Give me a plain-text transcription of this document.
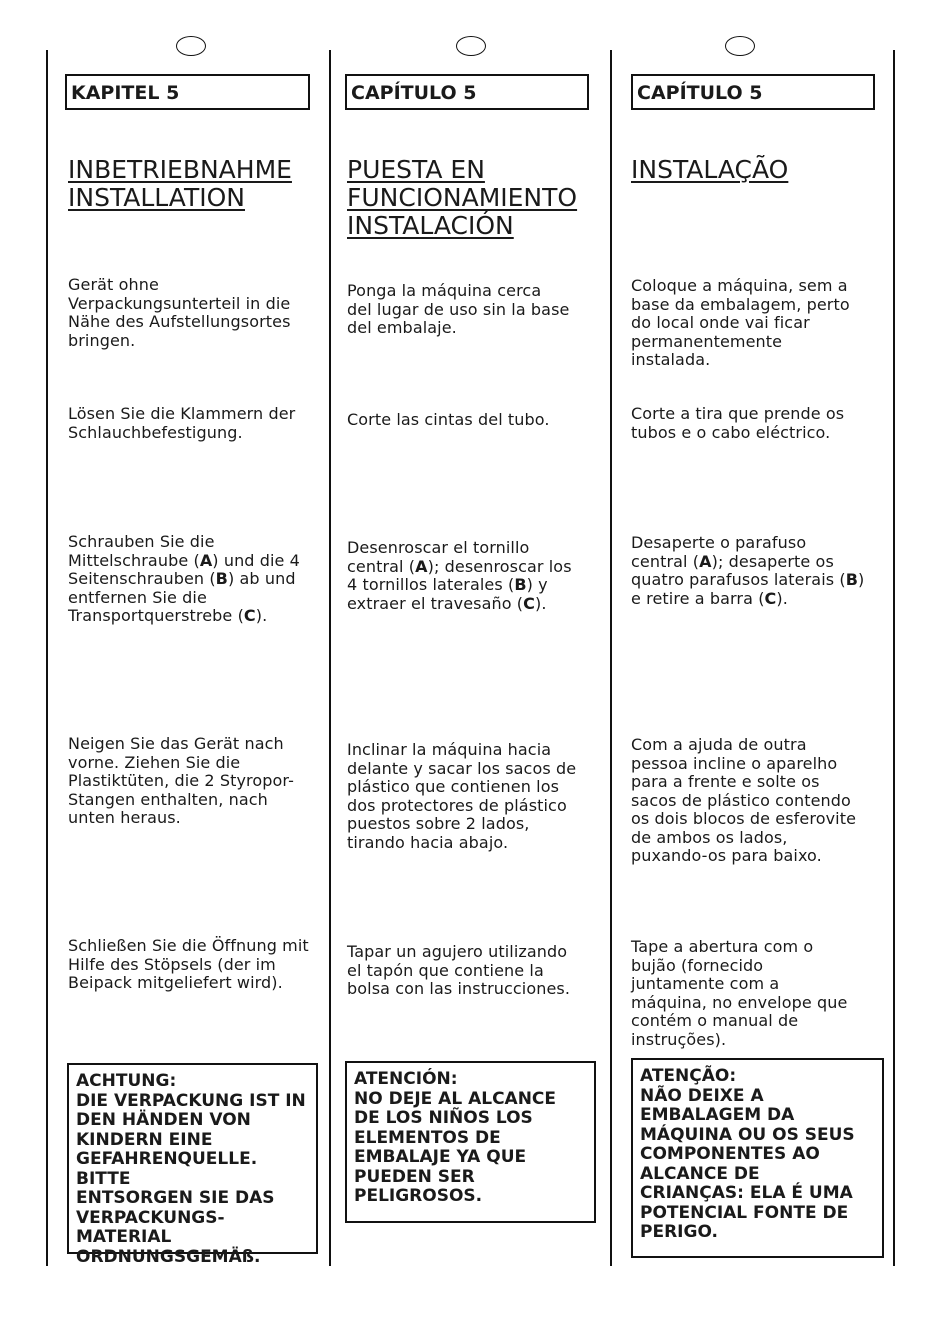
KAPITEL 5
INBETRIEBNAHME
INSTALLATION

Gerät ohne
Verpackungsunterteil in die
Nähe des Aufstellungsortes
bringen.

Lösen Sie die Klammern der
Schlauchbefestigung.

Schrauben Sie die
Mittelschraube (A) und die 4
Seitenschrauben (B) ab und
entfernen Sie die
Transportquerstrebe (C).

Neigen Sie das Gerät nach
vorne. Ziehen Sie die
Plastiktüten, die 2 Styropor-
Stangen enthalten, nach
unten heraus.

Schließen Sie die Öffnung mit
Hilfe des Stöpsels (der im
Beipack mitgeliefert wird).

ACHTUNG:
DIE VERPACKUNG IST IN
DEN HÄNDEN VON
KINDERN EINE
GEFAHRENQUELLE. BITTE
ENTSORGEN SIE DAS
VERPACKUNGS-
MATERIAL
ORDNUNGSGEMÄß.
CAPÍTULO 5
PUESTA EN
FUNCIONAMIENTO
INSTALACIÓN

Ponga la máquina cerca
del lugar de uso sin la base
del embalaje.

Corte las cintas del tubo.

Desenroscar el tornillo
central (A); desenroscar los
4 tornillos laterales (B) y
extraer el travesaño (C).

Inclinar la máquina hacia
delante y sacar los sacos de
plástico que contienen los
dos protectores de plástico
puestos sobre 2 lados,
tirando hacia abajo.

Tapar un agujero utilizando
el tapón que contiene la
bolsa con las instrucciones.

ATENCIÓN:
NO DEJE AL ALCANCE
DE LOS NIÑOS LOS
ELEMENTOS DE
EMBALAJE YA QUE
PUEDEN SER
PELIGROSOS.
CAPÍTULO 5
INSTALAÇÃO

Coloque a máquina, sem a
base da embalagem, perto
do local onde vai ficar
permanentemente
instalada.

Corte a tira que prende os
tubos e o cabo eléctrico.

Desaperte o parafuso
central (A); desaperte os
quatro parafusos laterais (B)
e retire a barra (C).

Com a ajuda de outra
pessoa incline o aparelho
para a frente e solte os
sacos de plástico contendo
os dois blocos de esferovite
de ambos os lados,
puxando-os para baixo.

Tape a abertura com o
bujão (fornecido
juntamente com a
máquina, no envelope que
contém o manual de
instruções).

ATENÇÃO:
NÃO DEIXE A
EMBALAGEM DA
MÁQUINA OU OS SEUS
COMPONENTES AO
ALCANCE DE
CRIANÇAS: ELA É UMA
POTENCIAL FONTE DE
PERIGO.
